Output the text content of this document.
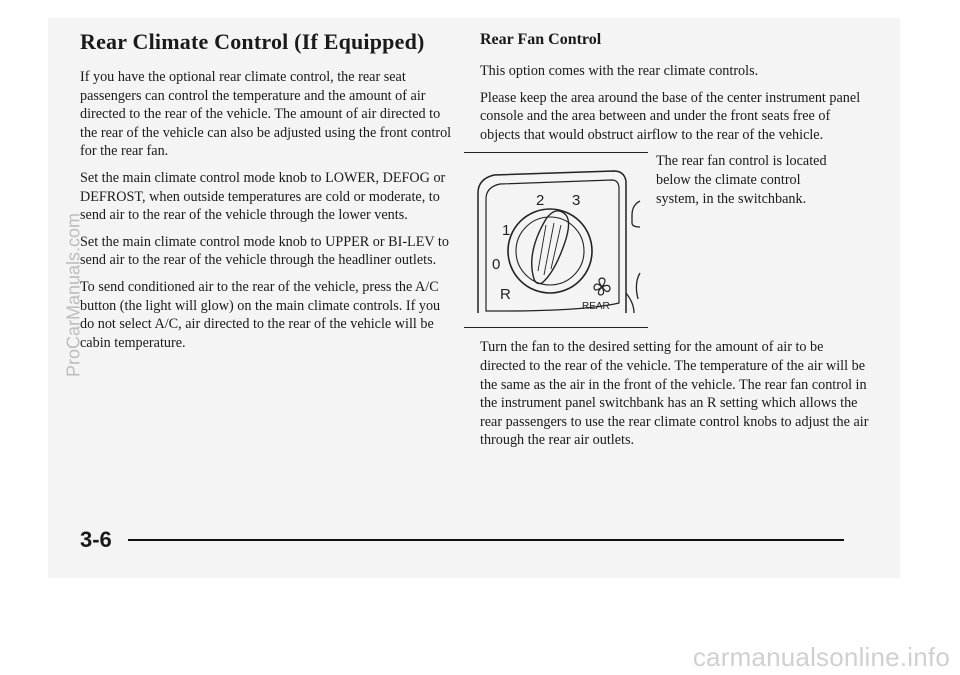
Rear Climate Control (If Equipped)

If you have the optional rear climate control, the rear seat passengers can control the temperature and the amount of air directed to the rear of the vehicle. The amount of air directed to the rear of the vehicle can also be adjusted using the front control for the rear fan.

Set the main climate control mode knob to LOWER, DEFOG or DEFROST, when outside temperatures are cold or moderate, to send air to the rear of the vehicle through the lower vents.

Set the main climate control mode knob to UPPER or BI-LEV to send air to the rear of the vehicle through the headliner outlets.

To send conditioned air to the rear of the vehicle, press the A/C button (the light will glow) on the main climate controls. If you do not select A/C, air directed to the rear of the vehicle will be cabin temperature.

Rear Fan Control

This option comes with the rear climate controls.

Please keep the area around the base of the center instrument panel console and the area between and under the front seats free of objects that would obstruct airflow to the rear of the vehicle.

R
0
1
2 3
REAR

The rear fan control is located below the climate control system, in the switchbank.

Turn the fan to the desired setting for the amount of air to be directed to the rear of the vehicle. The temperature of the air will be the same as the air in the front of the vehicle. The rear fan control in the instrument panel switchbank has an R setting which allows the rear passengers to use the rear climate control knobs to adjust the air through the rear air outlets.

3-6
ProCarManuals.com
carmanualsonline.info
